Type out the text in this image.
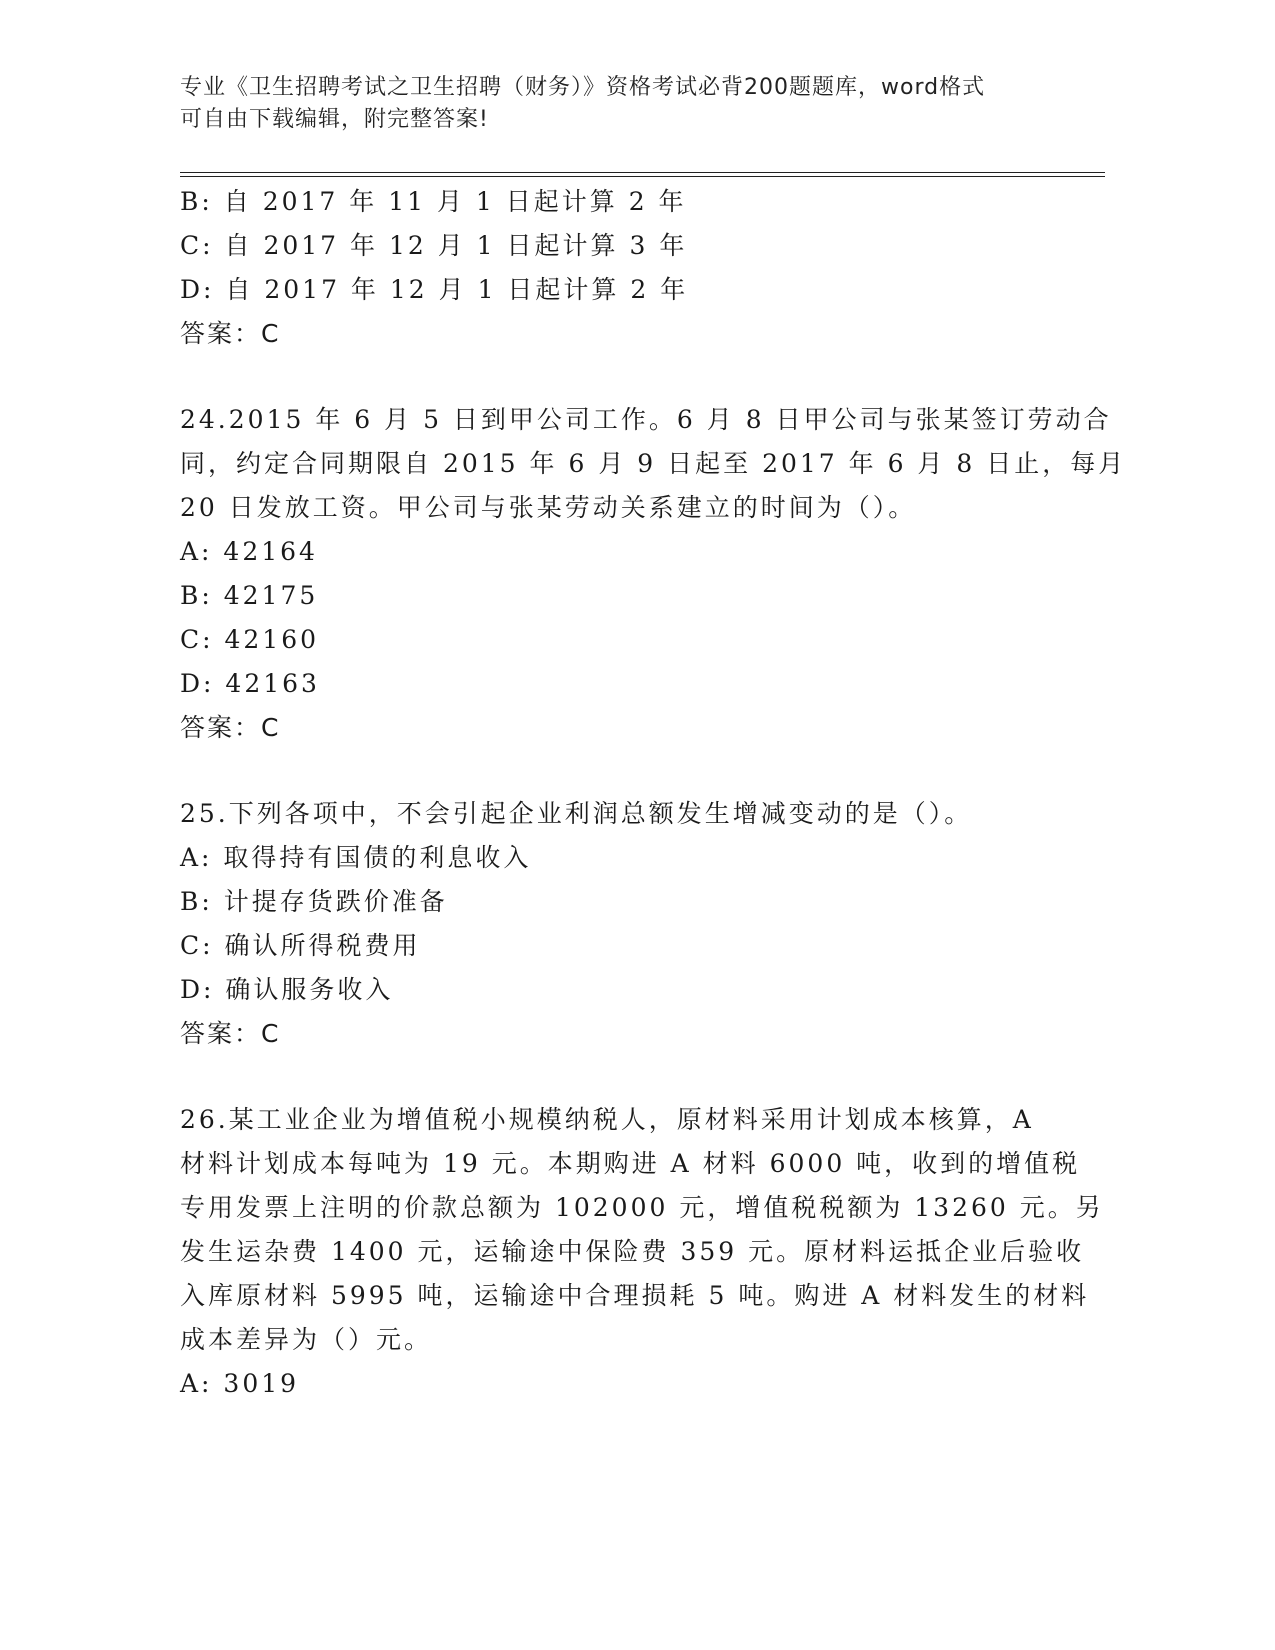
专业《卫生招聘考试之卫生招聘（财务）》资格考试必背200题题库，word格式
可自由下载编辑，附完整答案!
B: 自 2017 年 11 月 1 日起计算 2 年
C: 自 2017 年 12 月 1 日起计算 3 年
D: 自 2017 年 12 月 1 日起计算 2 年
答案：C
24.2015 年 6 月 5 日到甲公司工作。6 月 8 日甲公司与张某签订劳动合
同，约定合同期限自 2015 年 6 月 9 日起至 2017 年 6 月 8 日止，每月
20 日发放工资。甲公司与张某劳动关系建立的时间为（）。
A: 42164
B: 42175
C: 42160
D: 42163
答案：C
25.下列各项中，不会引起企业利润总额发生增减变动的是（）。
A: 取得持有国债的利息收入
B: 计提存货跌价准备
C: 确认所得税费用
D: 确认服务收入
答案：C
26.某工业企业为增值税小规模纳税人，原材料采用计划成本核算，A
材料计划成本每吨为 19 元。本期购进 A 材料 6000 吨，收到的增值税
专用发票上注明的价款总额为 102000 元，增值税税额为 13260 元。另
发生运杂费 1400 元，运输途中保险费 359 元。原材料运抵企业后验收
入库原材料 5995 吨，运输途中合理损耗 5 吨。购进 A 材料发生的材料
成本差异为（）元。
A: 3019
